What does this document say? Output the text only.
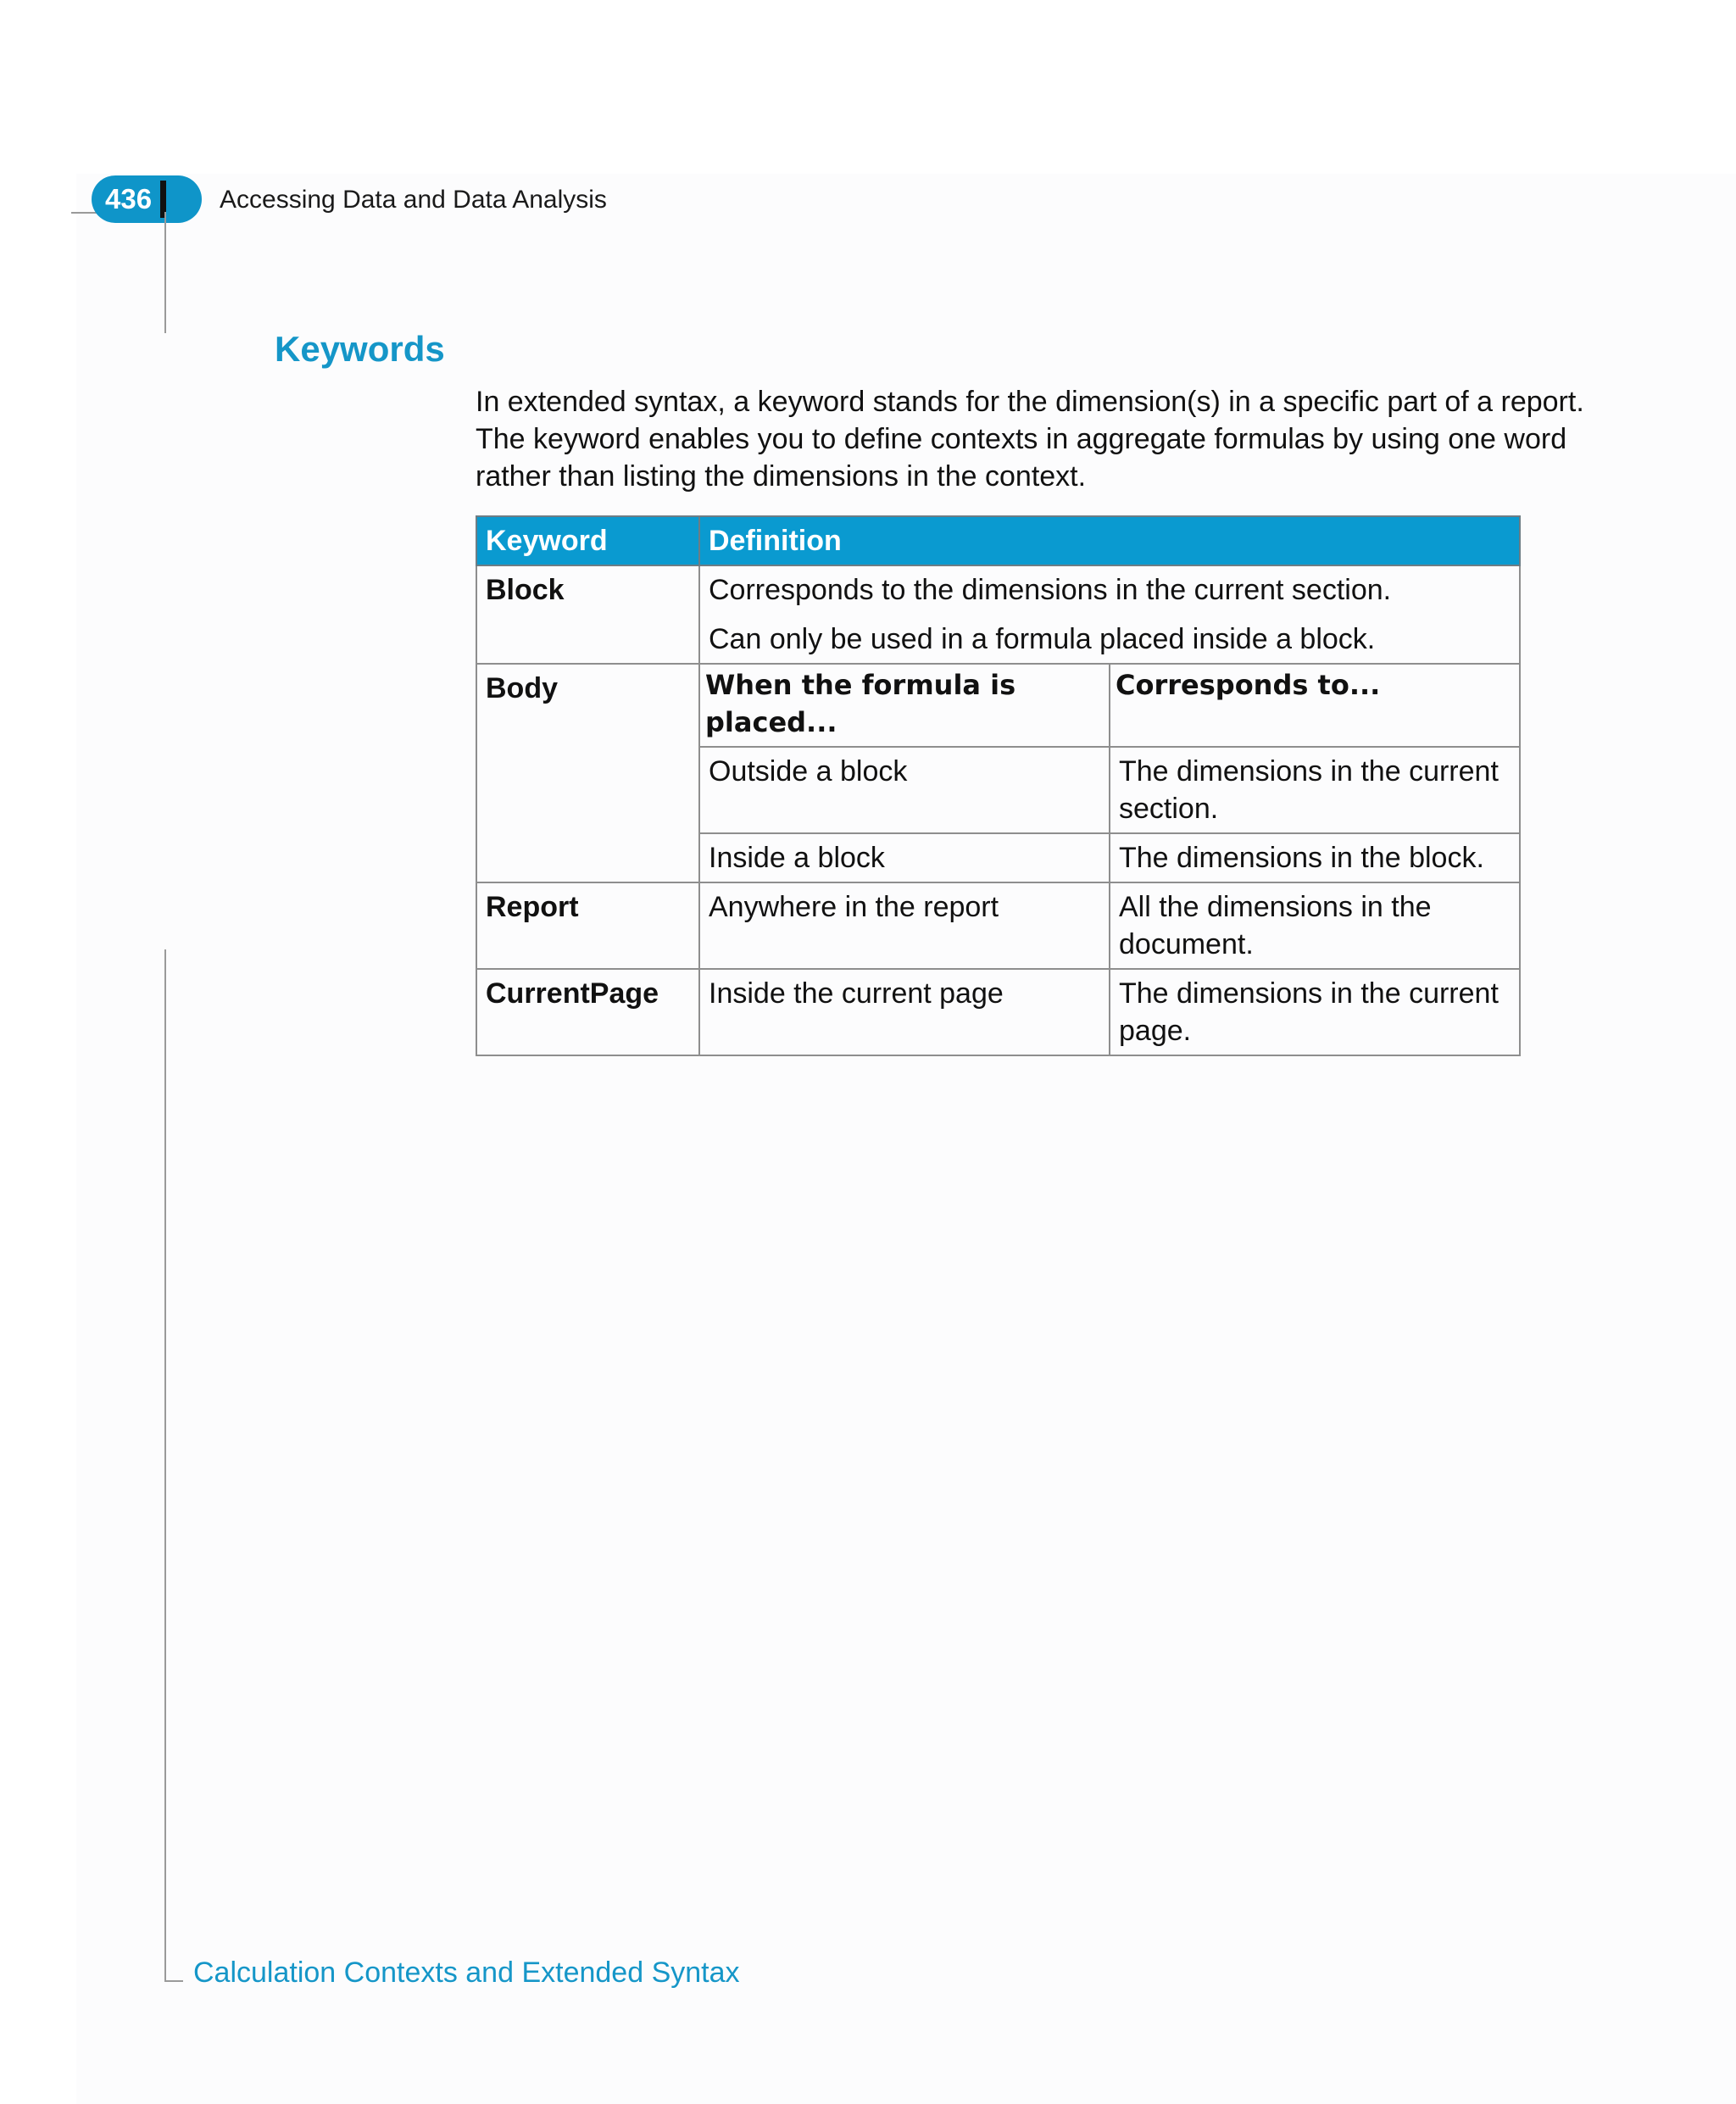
436	Accessing Data and Data Analysis
Keywords

In extended syntax, a keyword stands for the dimension(s) in a specific part of a report. The keyword enables you to define contexts in aggregate formulas by using one word rather than listing the dimensions in the context.

Keyword	Definition	
Block	Corresponds to the dimensions in the current section.
Can only be used in a formula placed inside a block.	

Body	When the formula is placed...	Corresponds to...
	Outside a block	The dimensions in the current section.
	Inside a block	The dimensions in the block.
Report	Anywhere in the report	All the dimensions in the document.
CurrentPage	Inside the current page	The dimensions in the current page.
Calculation Contexts and Extended Syntax
